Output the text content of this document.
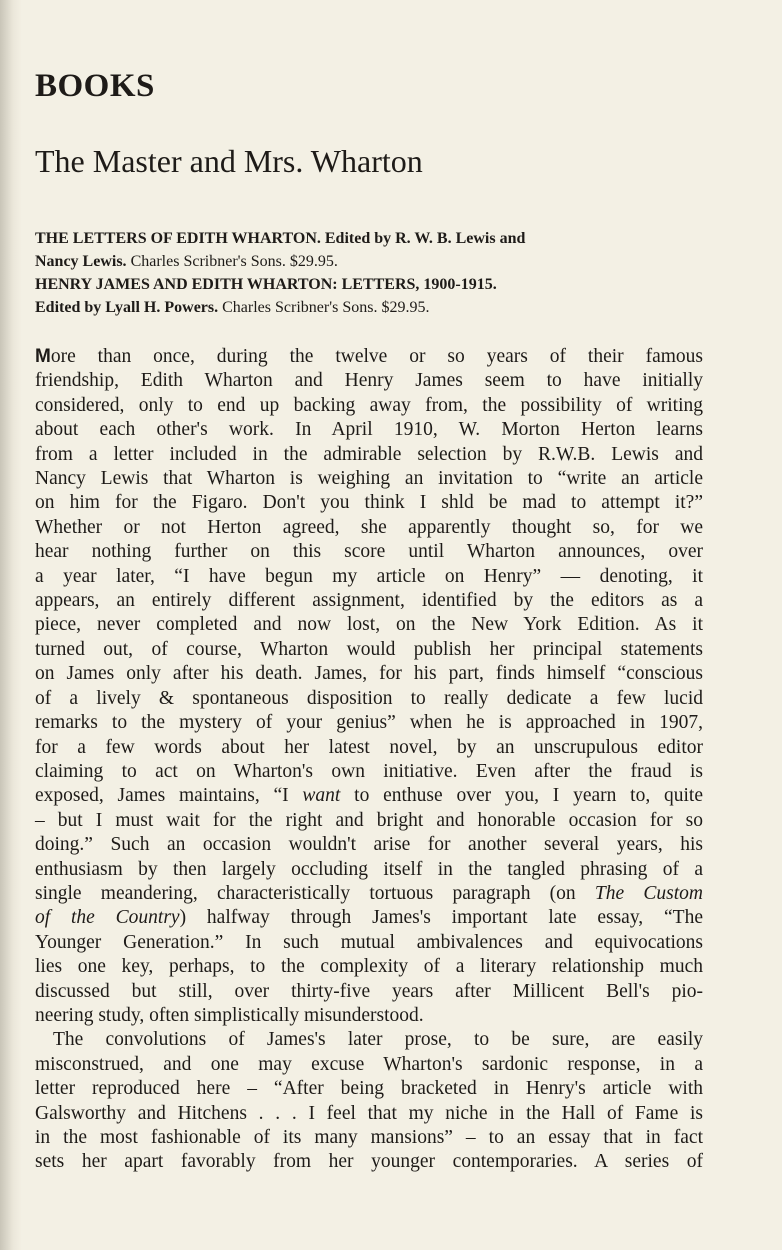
BOOKS
The Master and Mrs. Wharton

THE LETTERS OF EDITH WHARTON. Edited by R. W. B. Lewis and

Nancy Lewis. Charles Scribner's Sons. $29.95.

HENRY JAMES AND EDITH WHARTON: LETTERS, 1900-1915.

Edited by Lyall H. Powers. Charles Scribner's Sons. $29.95.

More than once, during the twelve or so years of their famous

friendship, Edith Wharton and Henry James seem to have initially

considered, only to end up backing away from, the possibility of writing

about each other's work. In April 1910, W. Morton Herton learns

from a letter included in the admirable selection by R.W.B. Lewis and

Nancy Lewis that Wharton is weighing an invitation to “write an article

on him for the Figaro. Don't you think I shld be mad to attempt it?”

Whether or not Herton agreed, she apparently thought so, for we

hear nothing further on this score until Wharton announces, over

a year later, “I have begun my article on Henry” — denoting, it

appears, an entirely different assignment, identified by the editors as a

piece, never completed and now lost, on the New York Edition. As it

turned out, of course, Wharton would publish her principal statements

on James only after his death. James, for his part, finds himself “conscious

of a lively & spontaneous disposition to really dedicate a few lucid

remarks to the mystery of your genius” when he is approached in 1907,

for a few words about her latest novel, by an unscrupulous editor

claiming to act on Wharton's own initiative. Even after the fraud is

exposed, James maintains, “I want to enthuse over you, I yearn to, quite

– but I must wait for the right and bright and honorable occasion for so

doing.” Such an occasion wouldn't arise for another several years, his

enthusiasm by then largely occluding itself in the tangled phrasing of a

single meandering, characteristically tortuous paragraph (on The Custom

of the Country) halfway through James's important late essay, “The

Younger Generation.” In such mutual ambivalences and equivocations

lies one key, perhaps, to the complexity of a literary relationship much

discussed but still, over thirty-five years after Millicent Bell's pio-

neering study, often simplistically misunderstood.

The convolutions of James's later prose, to be sure, are easily

misconstrued, and one may excuse Wharton's sardonic response, in a

letter reproduced here – “After being bracketed in Henry's article with

Galsworthy and Hitchens . . . I feel that my niche in the Hall of Fame is

in the most fashionable of its many mansions” – to an essay that in fact

sets her apart favorably from her younger contemporaries. A series of
